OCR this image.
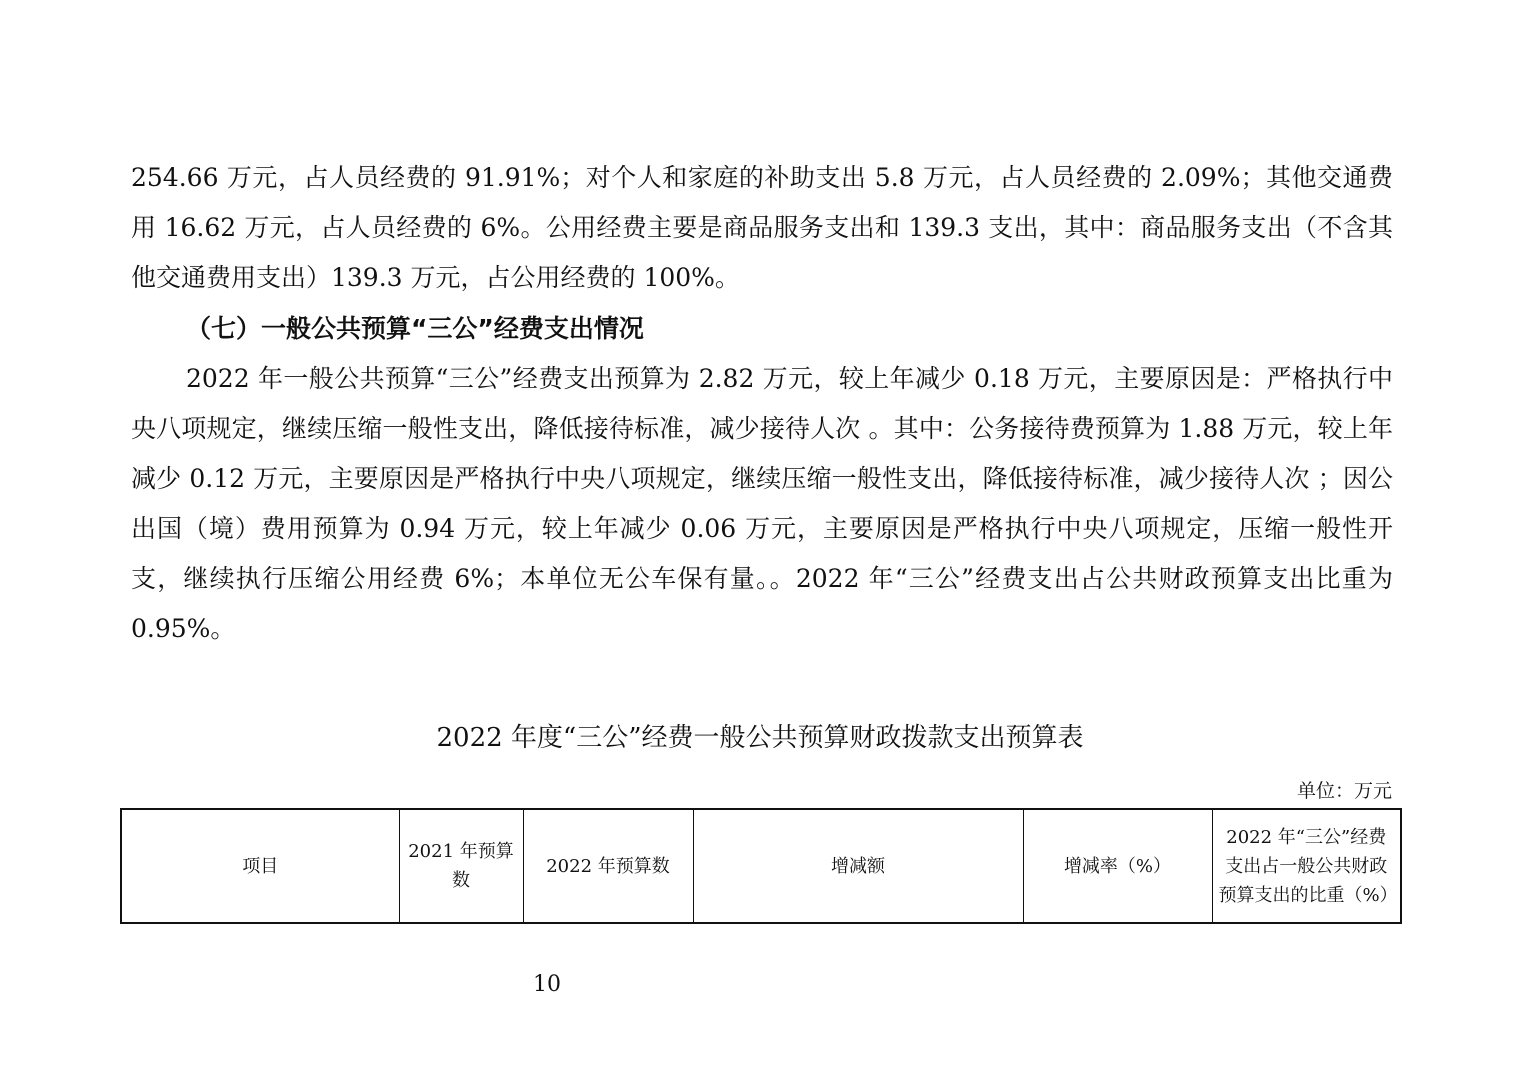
254.66 万元，占人员经费的 91.91%；对个人和家庭的补助支出 5.8 万元，占人员经费的 2.09%；其他交通费用 16.62 万元，占人员经费的 6%。公用经费主要是商品服务支出和 139.3 支出，其中：商品服务支出（不含其他交通费用支出）139.3 万元，占公用经费的 100%。

（七）一般公共预算“三公”经费支出情况

2022 年一般公共预算“三公”经费支出预算为 2.82 万元，较上年减少 0.18 万元，主要原因是：严格执行中央八项规定，继续压缩一般性支出，降低接待标准，减少接待人次 。其中：公务接待费预算为 1.88 万元，较上年减少 0.12 万元，主要原因是严格执行中央八项规定，继续压缩一般性支出，降低接待标准，减少接待人次 ；因公出国（境）费用预算为 0.94 万元，较上年减少 0.06 万元，主要原因是严格执行中央八项规定，压缩一般性开支，继续执行压缩公用经费 6%；本单位无公车保有量。。2022 年“三公”经费支出占公共财政预算支出比重为 0.95%。

2022 年度“三公”经费一般公共预算财政拨款支出预算表
单位：万元
项目	2021 年预算数	2022 年预算数	增减额	增减率（%）	2022 年“三公”经费支出占一般公共财政预算支出的比重（%）
10
